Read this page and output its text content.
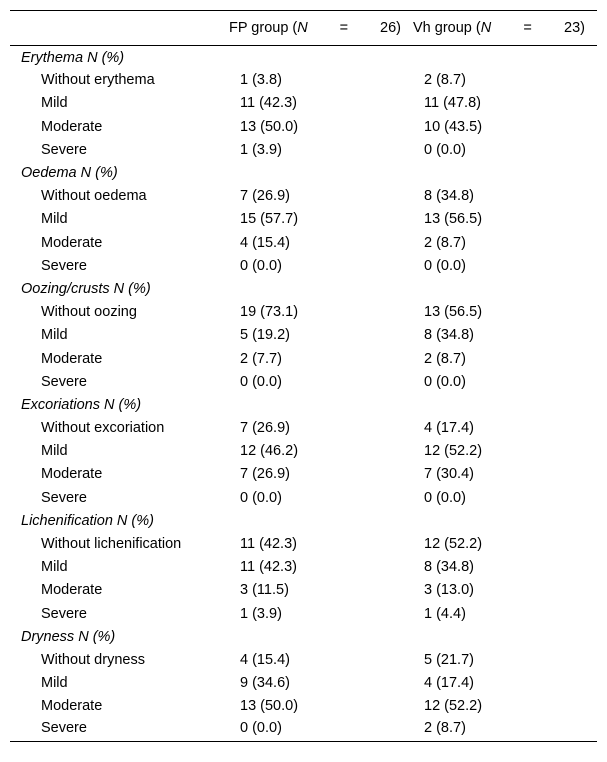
	FP group (N = 26)	Vh group (N = 23)

Erythema N (%)		
Without erythema	1 (3.8)	2 (8.7)
Mild	11 (42.3)	11 (47.8)
Moderate	13 (50.0)	10 (43.5)
Severe	1 (3.9)	0 (0.0)
Oedema N (%)		
Without oedema	7 (26.9)	8 (34.8)
Mild	15 (57.7)	13 (56.5)
Moderate	4 (15.4)	2 (8.7)
Severe	0 (0.0)	0 (0.0)
Oozing/crusts N (%)		
Without oozing	19 (73.1)	13 (56.5)
Mild	5 (19.2)	8 (34.8)
Moderate	2 (7.7)	2 (8.7)
Severe	0 (0.0)	0 (0.0)
Excoriations N (%)		
Without excoriation	7 (26.9)	4 (17.4)
Mild	12 (46.2)	12 (52.2)
Moderate	7 (26.9)	7 (30.4)
Severe	0 (0.0)	0 (0.0)
Lichenification N (%)		
Without lichenification	11 (42.3)	12 (52.2)
Mild	11 (42.3)	8 (34.8)
Moderate	3 (11.5)	3 (13.0)
Severe	1 (3.9)	1 (4.4)
Dryness N (%)		
Without dryness	4 (15.4)	5 (21.7)
Mild	9 (34.6)	4 (17.4)
Moderate	13 (50.0)	12 (52.2)
Severe	0 (0.0)	2 (8.7)
